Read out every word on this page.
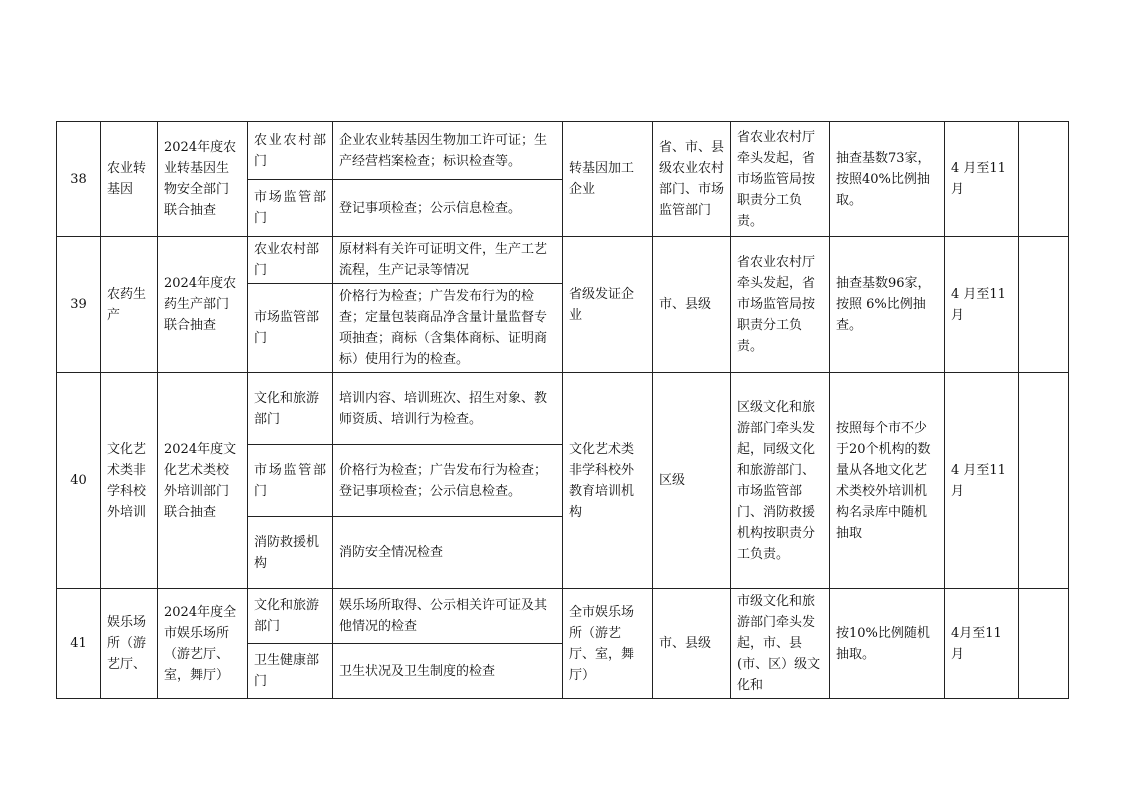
38	农业转基因	2024年度农业转基因生物安全部门联合抽查	农业农村部门	企业农业转基因生物加工许可证；生产经营档案检查；标识检查等。	转基因加工企业	省、市、县级农业农村部门、市场监管部门	省农业农村厅牵头发起，省市场监管局按职责分工负责。	抽查基数73家，按照40%比例抽取。	4 月至11月	
			市场监管部门	登记事项检查；公示信息检查。						
39	农药生产	2024年度农药生产部门联合抽查	农业农村部门	原材料有关许可证明文件，生产工艺流程，生产记录等情况	省级发证企业	市、县级	省农业农村厅牵头发起，省市场监管局按职责分工负责。	抽查基数96家，按照 6%比例抽查。	4 月至11月	
			市场监管部门	价格行为检查；广告发布行为的检查；定量包装商品净含量计量监督专项抽查；商标（含集体商标、证明商标）使用行为的检查。						
40	文化艺术类非学科校外培训	2024年度文化艺术类校外培训部门联合抽查	文化和旅游部门	培训内容、培训班次、招生对象、教师资质、培训行为检查。	文化艺术类非学科校外教育培训机构	区级	区级文化和旅游部门牵头发起，同级文化和旅游部门、市场监管部门、消防救援机构按职责分工负责。	按照每个市不少于20个机构的数量从各地文化艺术类校外培训机构名录库中随机抽取	4 月至11月	
			市场监管部门	价格行为检查；广告发布行为检查；登记事项检查；公示信息检查。						
			消防救援机构	消防安全情况检查						
41	娱乐场所（游艺厅、	2024年度全市娱乐场所（游艺厅、室，舞厅）	文化和旅游部门	娱乐场所取得、公示相关许可证及其他情况的检查	全市娱乐场所（游艺厅、室，舞厅）	市、县级	市级文化和旅游部门牵头发起，市、县(市、区）级文化和	按10%比例随机抽取。	4月至11月	
			卫生健康部门	卫生状况及卫生制度的检查						
